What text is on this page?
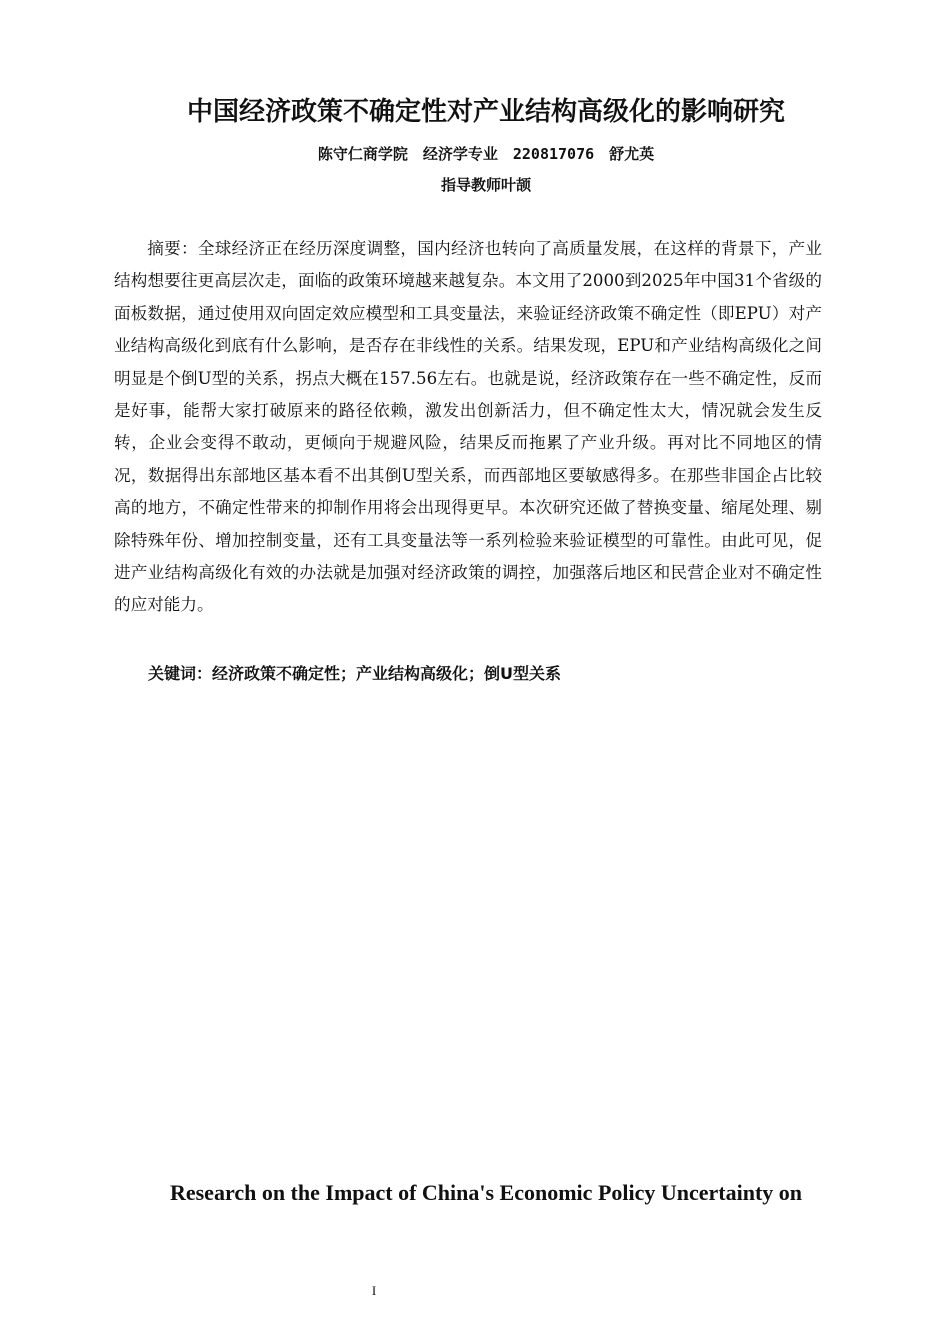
中国经济政策不确定性对产业结构高级化的影响研究
陈守仁商学院　经济学专业　220817076　舒尤英
指导教师叶颉

摘要：全球经济正在经历深度调整，国内经济也转向了高质量发展，在这样的背景下，产业结构想要往更高层次走，面临的政策环境越来越复杂。本文用了2000到2025年中国31个省级的面板数据，通过使用双向固定效应模型和工具变量法，来验证经济政策不确定性（即EPU）对产业结构高级化到底有什么影响，是否存在非线性的关系。结果发现，EPU和产业结构高级化之间明显是个倒U型的关系，拐点大概在157.56左右。也就是说，经济政策存在一些不确定性，反而是好事，能帮大家打破原来的路径依赖，激发出创新活力，但不确定性太大，情况就会发生反转，企业会变得不敢动，更倾向于规避风险，结果反而拖累了产业升级。再对比不同地区的情况，数据得出东部地区基本看不出其倒U型关系，而西部地区要敏感得多。在那些非国企占比较高的地方，不确定性带来的抑制作用将会出现得更早。本次研究还做了替换变量、缩尾处理、剔除特殊年份、增加控制变量，还有工具变量法等一系列检验来验证模型的可靠性。由此可见，促进产业结构高级化有效的办法就是加强对经济政策的调控，加强落后地区和民营企业对不确定性的应对能力。

关键词：经济政策不确定性；产业结构高级化；倒U型关系
Research on the Impact of China's Economic Policy Uncertainty on
I
